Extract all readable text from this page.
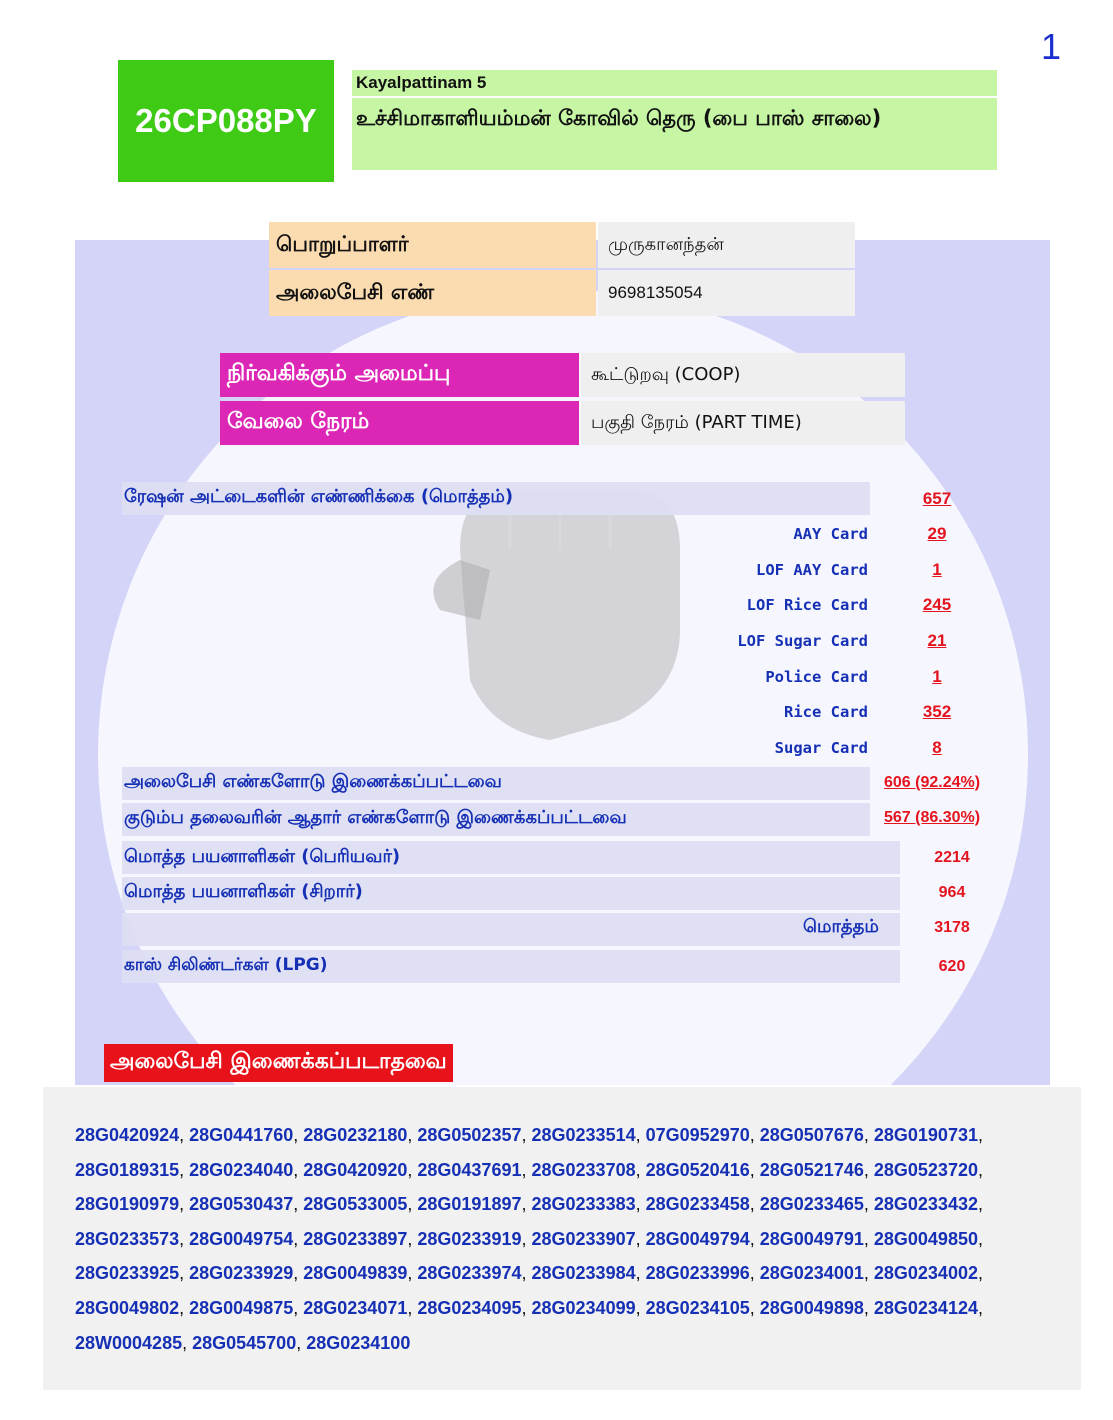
1
26CP088PY
Kayalpattinam 5
உச்சிமாகாளியம்மன் கோவில் தெரு (பை பாஸ் சாலை)
பொறுப்பாளர்	முருகானந்தன்
அலைபேசி எண்	9698135054
நிர்வகிக்கும் அமைப்பு	கூட்டுறவு (COOP)
வேலை நேரம்	பகுதி நேரம் (PART TIME)
ரேஷன் அட்டைகளின் எண்ணிக்கை (மொத்தம்)	657
AAY Card	29
LOF AAY Card	1
LOF Rice Card	245
LOF Sugar Card	21
Police Card	1
Rice Card	352
Sugar Card	8
அலைபேசி எண்களோடு இணைக்கப்பட்டவை	606 (92.24%)
குடும்ப தலைவரின் ஆதார் எண்களோடு இணைக்கப்பட்டவை	567 (86.30%)
மொத்த பயனாளிகள் (பெரியவர்)	2214
மொத்த பயனாளிகள் (சிறார்)	964
மொத்தம்	3178
காஸ் சிலிண்டர்கள் (LPG)	620
அலைபேசி இணைக்கப்படாதவை
28G0420924, 28G0441760, 28G0232180, 28G0502357, 28G0233514, 07G0952970, 28G0507676, 28G0190731, 28G0189315, 28G0234040, 28G0420920, 28G0437691, 28G0233708, 28G0520416, 28G0521746, 28G0523720, 28G0190979, 28G0530437, 28G0533005, 28G0191897, 28G0233383, 28G0233458, 28G0233465, 28G0233432, 28G0233573, 28G0049754, 28G0233897, 28G0233919, 28G0233907, 28G0049794, 28G0049791, 28G0049850, 28G0233925, 28G0233929, 28G0049839, 28G0233974, 28G0233984, 28G0233996, 28G0234001, 28G0234002, 28G0049802, 28G0049875, 28G0234071, 28G0234095, 28G0234099, 28G0234105, 28G0049898, 28G0234124, 28W0004285, 28G0545700, 28G0234100
